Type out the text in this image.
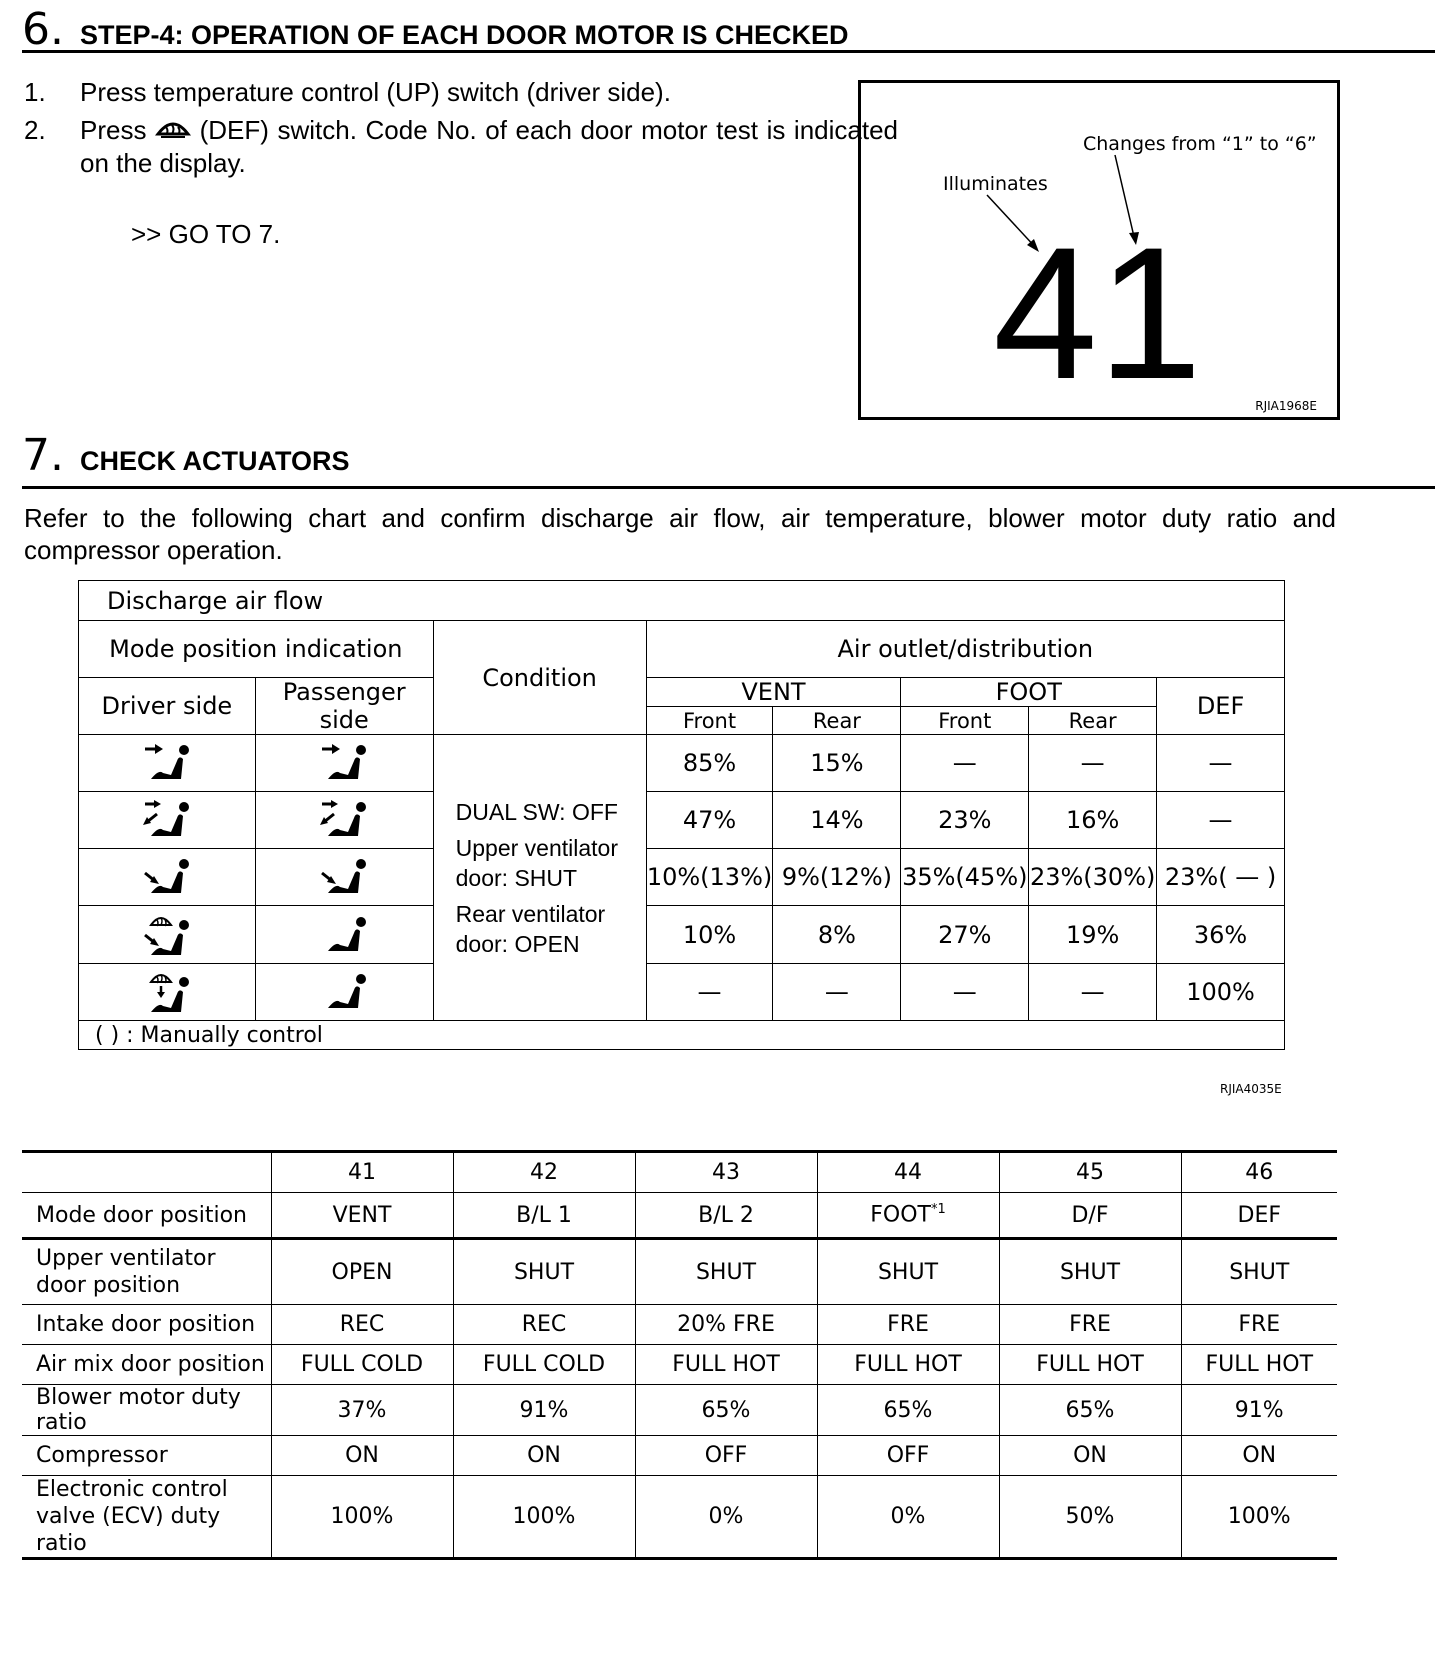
6. STEP-4: OPERATION OF EACH DOOR MOTOR IS CHECKED
1. Press temperature control (UP) switch (driver side).
2. Press (DEF) switch. Code No. of each door motor test is indicated on the display.
>> GO TO 7.
Changes from “1” to “6”
Illuminates
41	RJIA1968E
7. CHECK ACTUATORS
Refer to the following chart and confirm discharge air flow, air temperature, blower motor duty ratio and compressor operation.
Discharge air flow							
Mode position indication		Condition	Air outlet/distribution				
Driver side	Passenger side		VENT		FOOT		DEF
			Front	Rear	Front	Rear	

DUAL SW: OFF
Upper ventilator door: SHUT
Rear ventilator door: OPEN	85%	15%	—	—	—

	47%	14%	23%	16%	—

	10%(13%)	9%(12%)	35%(45%)	23%(30%)	23%( — )

	10%	8%	27%	19%	36%

	—	—	—	—	100%
( ) : Manually control							
RJIA4035E
	41	42	43	44	45	46
Mode door position	VENT	B/L 1	B/L 2	FOOT$^{*1}$	D/F	DEF
Upper ventilator door position	OPEN	SHUT	SHUT	SHUT	SHUT	SHUT
Intake door position	REC	REC	20% FRE	FRE	FRE	FRE
Air mix door position	FULL COLD	FULL COLD	FULL HOT	FULL HOT	FULL HOT	FULL HOT
Blower motor duty ratio	37%	91%	65%	65%	65%	91%
Compressor	ON	ON	OFF	OFF	ON	ON
Electronic control valve (ECV) duty ratio	100%	100%	0%	0%	50%	100%
